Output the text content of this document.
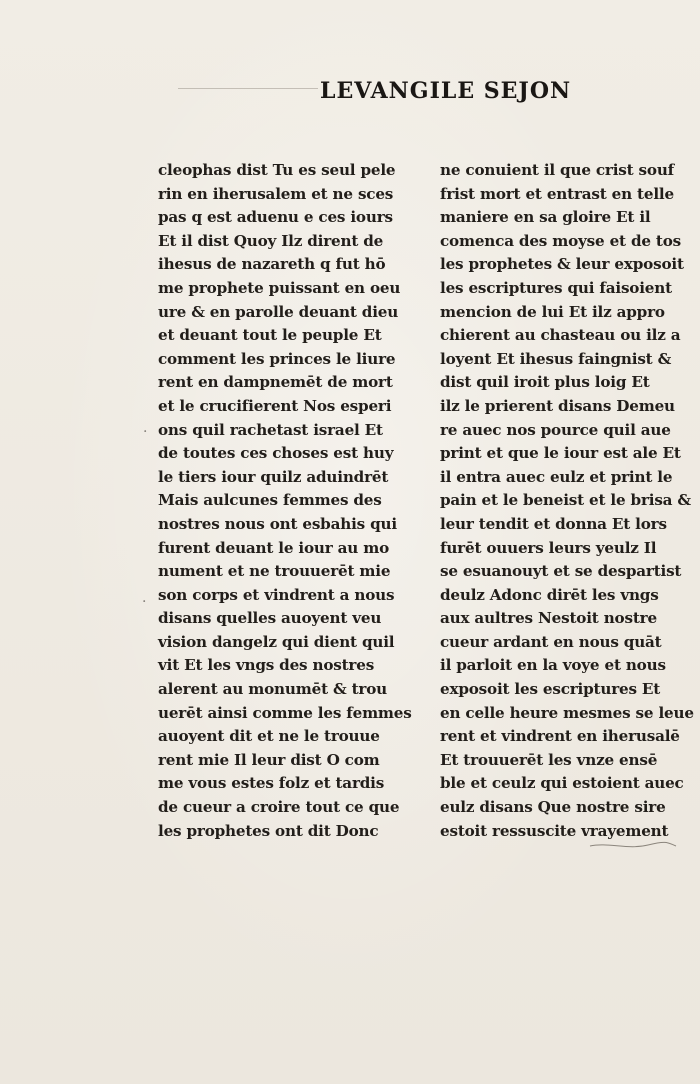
LEVANGILE SEJON
·
·
cleophas dist Tu es seul pele
rin en iherusalem et ne sces
pas q est aduenu e ces iours
Et il dist Quoy Ilz dirent de
ihesus de nazareth q fut hō
me prophete puissant en oeu
ure & en parolle deuant dieu
et deuant tout le peuple Et
comment les princes le liure
rent en dampnemēt de mort
et le crucifierent Nos esperi
ons quil rachetast israel Et
de toutes ces choses est huy
le tiers iour quilz aduindrēt
Mais aulcunes femmes des
nostres nous ont esbahis qui
furent deuant le iour au mo
nument et ne trouuerēt mie
son corps et vindrent a nous
disans quelles auoyent veu
vision dangelz qui dient quil
vit Et les vngs des nostres
alerent au monumēt & trou
uerēt ainsi comme les femmes
auoyent dit et ne le trouue
rent mie Il leur dist O com
me vous estes folz et tardis
de cueur a croire tout ce que
les prophetes ont dit Donc
ne conuient il que crist souf
frist mort et entrast en telle
maniere en sa gloire Et il
comenca des moyse et de tos
les prophetes & leur exposoit
les escriptures qui faisoient
mencion de lui Et ilz appro
chierent au chasteau ou ilz a
loyent Et ihesus faingnist &
dist quil iroit plus loig Et
ilz le prierent disans Demeu
re auec nos pource quil aue
print et que le iour est ale Et
il entra auec eulz et print le
pain et le beneist et le brisa &
leur tendit et donna Et lors
furēt ouuers leurs yeulz Il
se esuanouyt et se despartist
deulz Adonc dirēt les vngs
aux aultres Nestoit nostre
cueur ardant en nous quāt
il parloit en la voye et nous
exposoit les escriptures Et
en celle heure mesmes se leue
rent et vindrent en iherusalē
Et trouuerēt les vnze ensē
ble et ceulz qui estoient auec
eulz disans Que nostre sire
estoit ressuscite vrayement
